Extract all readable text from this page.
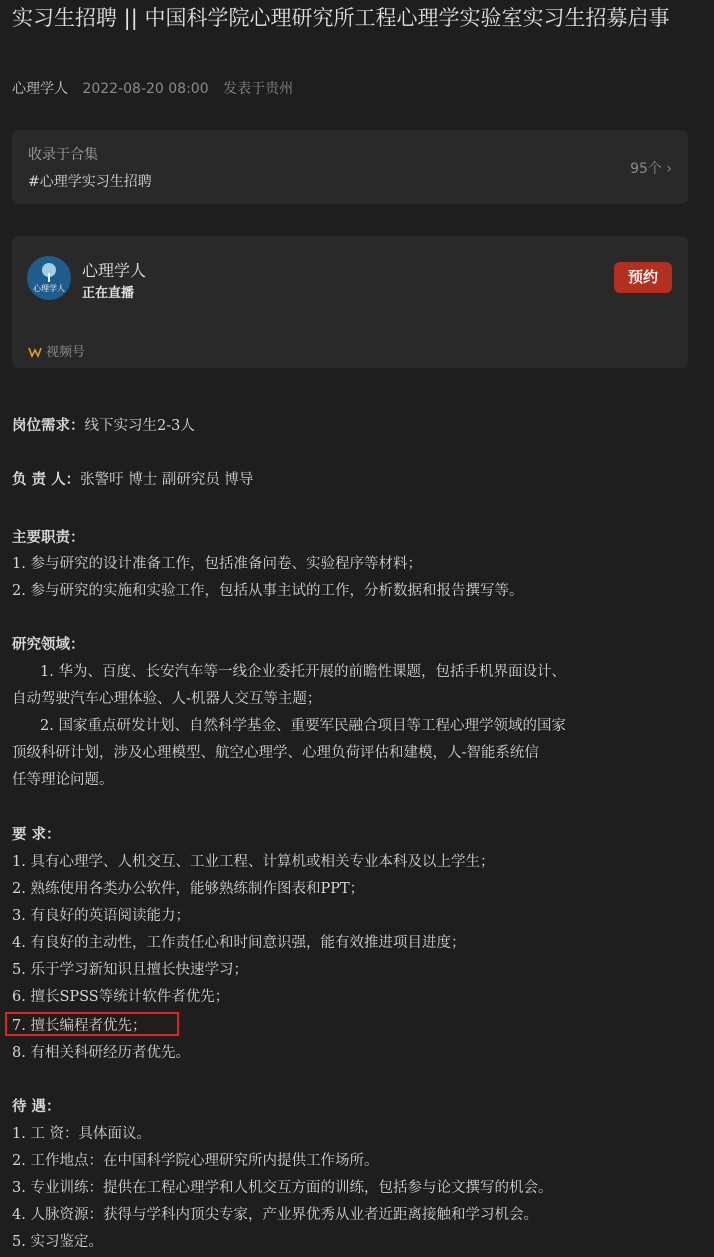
实习生招聘 || 中国科学院心理研究所工程心理学实验室实习生招募启事
心理学人 2022-08-20 08:00 发表于贵州
收录于合集
#心理学实习生招聘
95个 ›
心理学人
心理学人
正在直播
预约
视频号
岗位需求：线下实习生2-3人
负 责 人：张警吁 博士 副研究员 博导
主要职责：
1. 参与研究的设计准备工作，包括准备问卷、实验程序等材料；
2. 参与研究的实施和实验工作，包括从事主试的工作，分析数据和报告撰写等。
研究领域：
1. 华为、百度、长安汽车等一线企业委托开展的前瞻性课题，包括手机界面设计、
自动驾驶汽车心理体验、人-机器人交互等主题；
2. 国家重点研发计划、自然科学基金、重要军民融合项目等工程心理学领域的国家
顶级科研计划，涉及心理模型、航空心理学、心理负荷评估和建模，人-智能系统信
任等理论问题。
要 求：
1. 具有心理学、人机交互、工业工程、计算机或相关专业本科及以上学生；
2. 熟练使用各类办公软件，能够熟练制作图表和PPT；
3. 有良好的英语阅读能力；
4. 有良好的主动性，工作责任心和时间意识强，能有效推进项目进度；
5. 乐于学习新知识且擅长快速学习；
6. 擅长SPSS等统计软件者优先；
7. 擅长编程者优先；
8. 有相关科研经历者优先。
待 遇：
1. 工 资：具体面议。
2. 工作地点：在中国科学院心理研究所内提供工作场所。
3. 专业训练：提供在工程心理学和人机交互方面的训练，包括参与论文撰写的机会。
4. 人脉资源：获得与学科内顶尖专家，产业界优秀从业者近距离接触和学习机会。
5. 实习鉴定。
